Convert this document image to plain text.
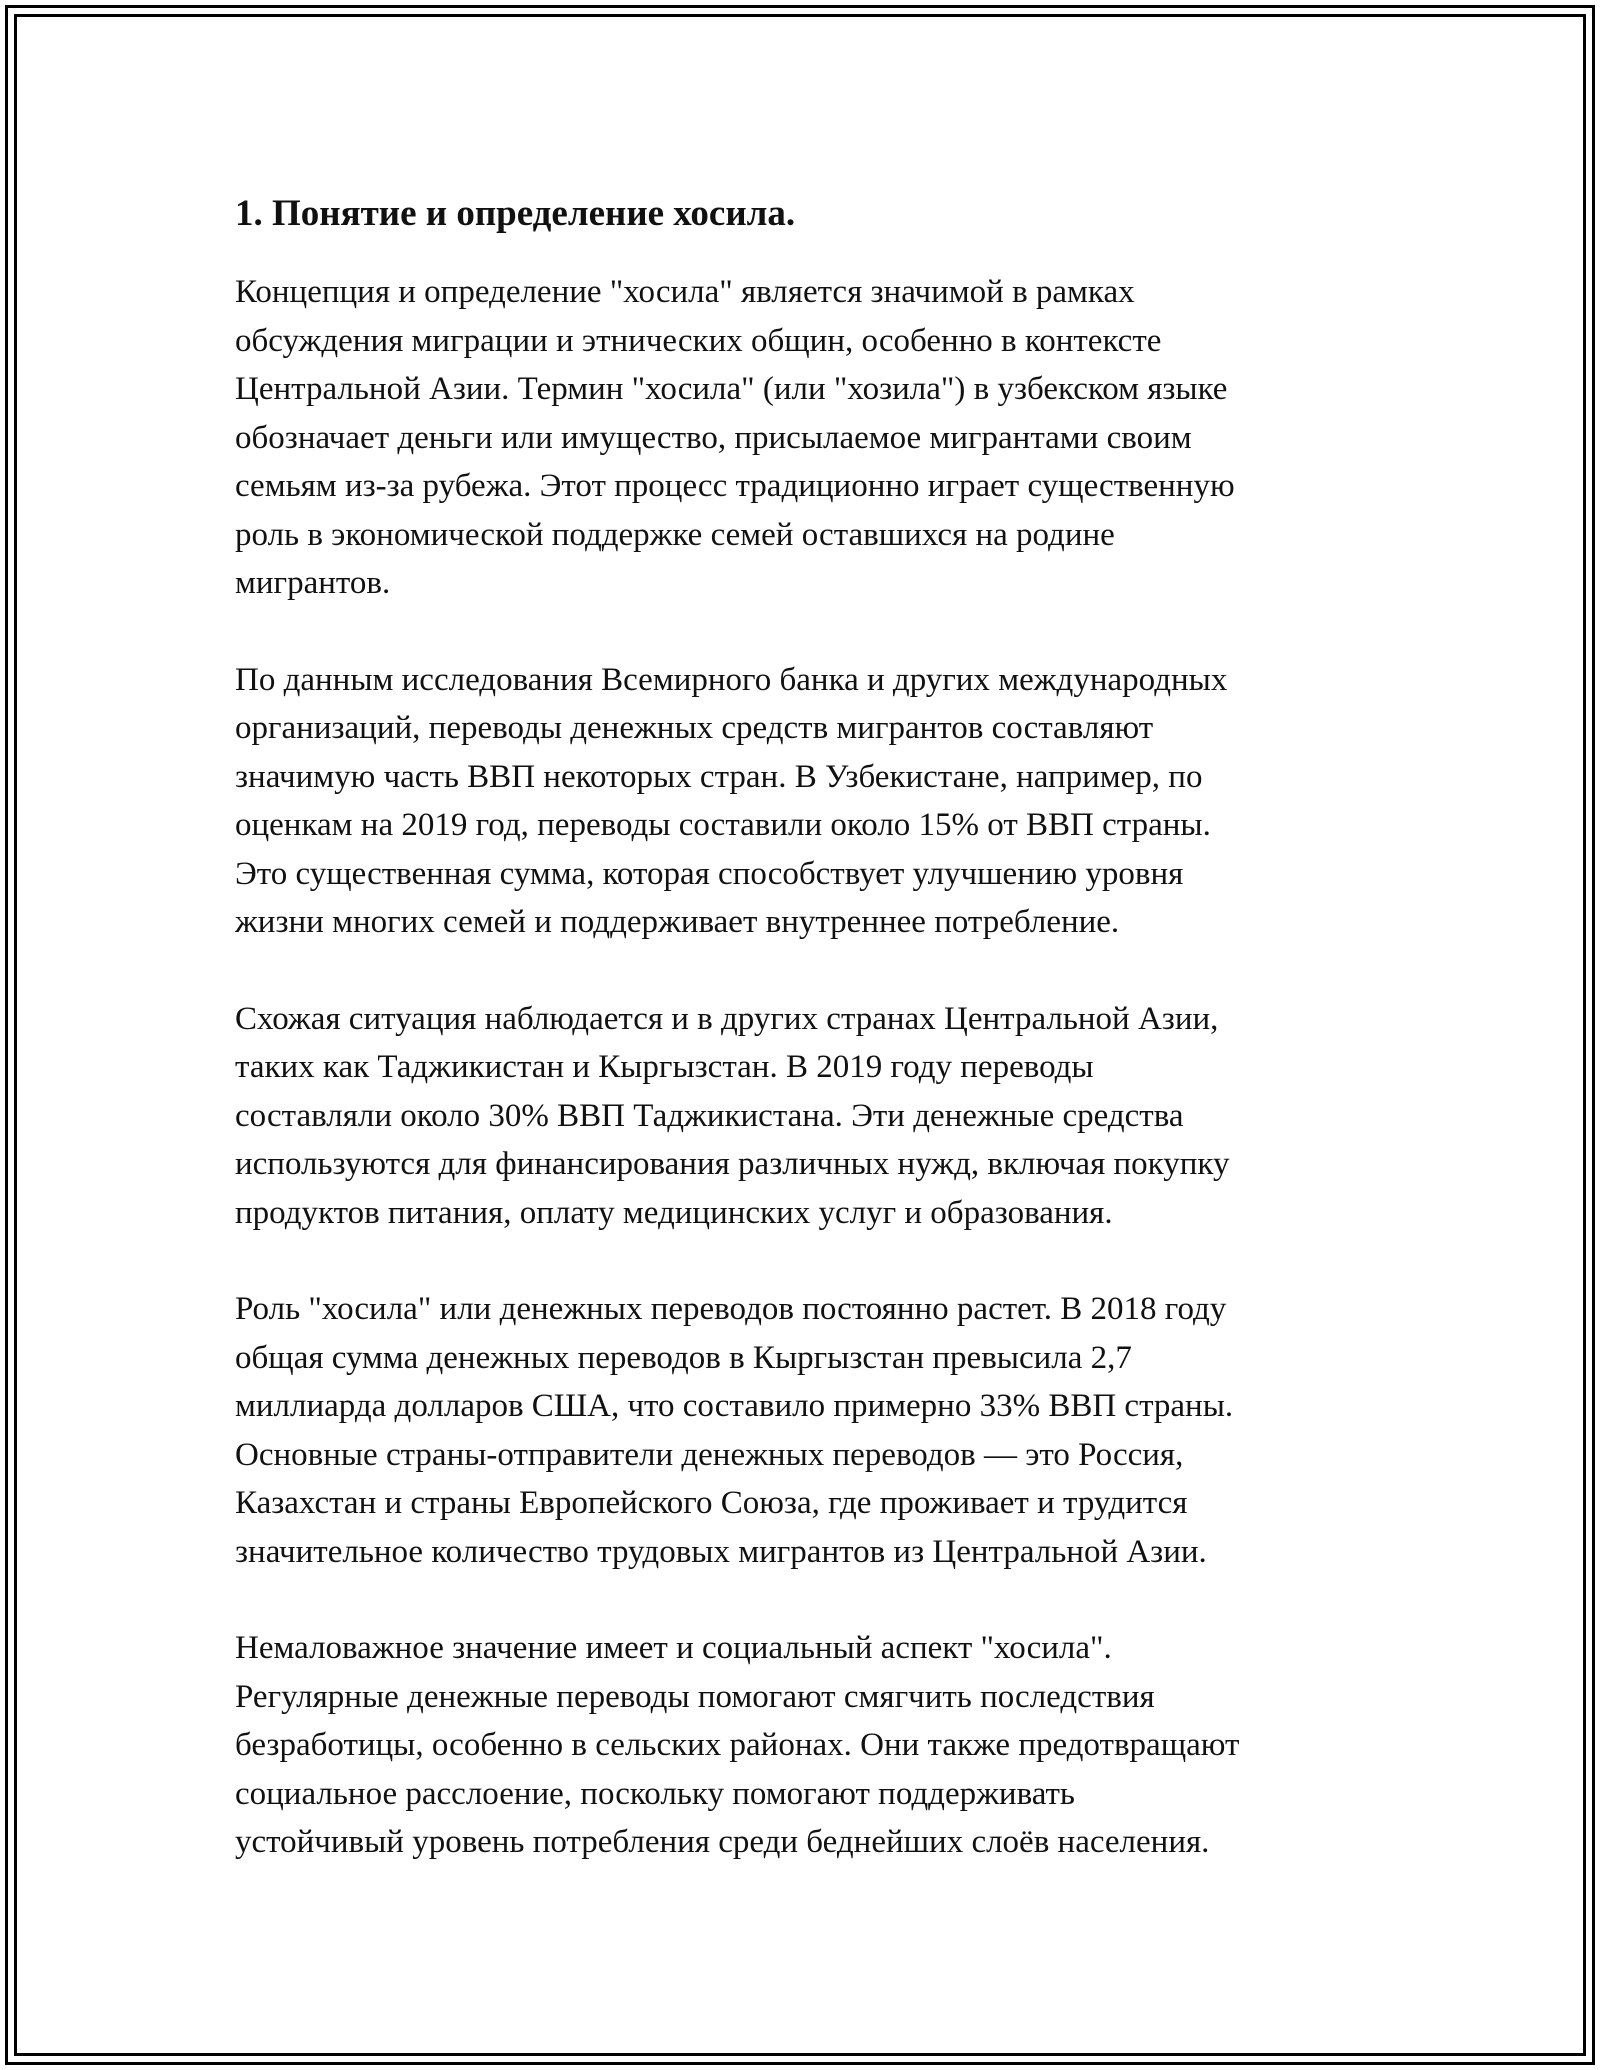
1. Понятие и определение хосила.

Концепция и определение "хосила" является значимой в рамках
обсуждения миграции и этнических общин, особенно в контексте
Центральной Азии. Термин "хосила" (или "хозила") в узбекском языке
обозначает деньги или имущество, присылаемое мигрантами своим
семьям из-за рубежа. Этот процесс традиционно играет существенную
роль в экономической поддержке семей оставшихся на родине
мигрантов.

По данным исследования Всемирного банка и других международных
организаций, переводы денежных средств мигрантов составляют
значимую часть ВВП некоторых стран. В Узбекистане, например, по
оценкам на 2019 год, переводы составили около 15% от ВВП страны.
Это существенная сумма, которая способствует улучшению уровня
жизни многих семей и поддерживает внутреннее потребление.

Схожая ситуация наблюдается и в других странах Центральной Азии,
таких как Таджикистан и Кыргызстан. В 2019 году переводы
составляли около 30% ВВП Таджикистана. Эти денежные средства
используются для финансирования различных нужд, включая покупку
продуктов питания, оплату медицинских услуг и образования.

Роль "хосила" или денежных переводов постоянно растет. В 2018 году
общая сумма денежных переводов в Кыргызстан превысила 2,7
миллиарда долларов США, что составило примерно 33% ВВП страны.
Основные страны-отправители денежных переводов — это Россия,
Казахстан и страны Европейского Союза, где проживает и трудится
значительное количество трудовых мигрантов из Центральной Азии.

Немаловажное значение имеет и социальный аспект "хосила".
Регулярные денежные переводы помогают смягчить последствия
безработицы, особенно в сельских районах. Они также предотвращают
социальное расслоение, поскольку помогают поддерживать
устойчивый уровень потребления среди беднейших слоёв населения.
